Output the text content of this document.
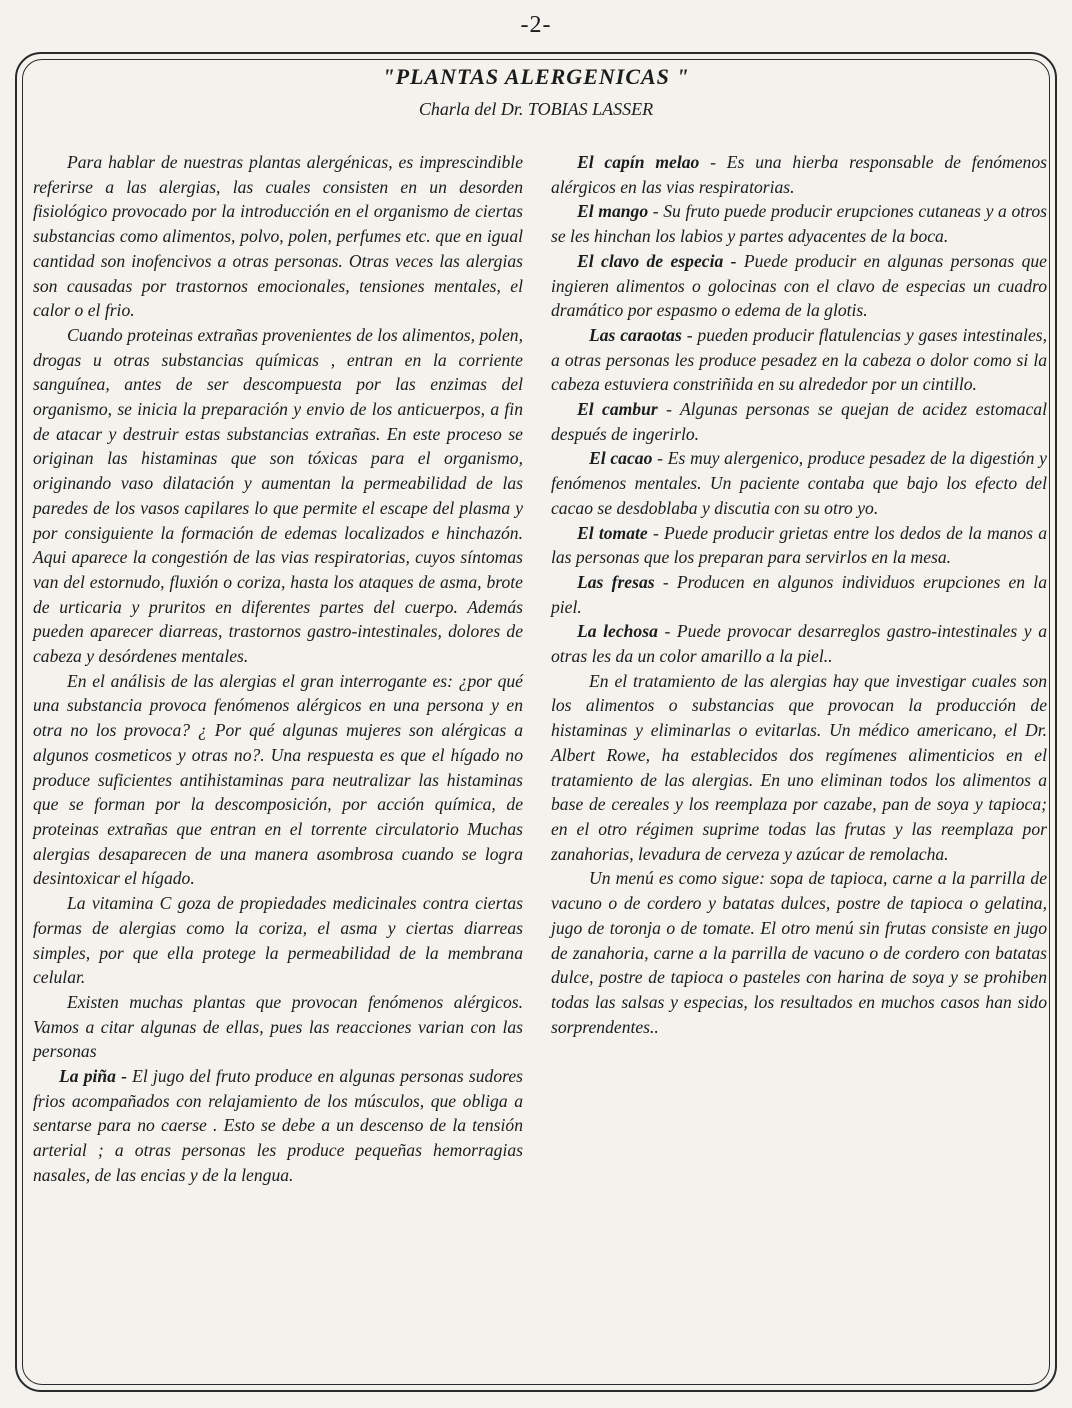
-2-
"PLANTAS ALERGENICAS "
Charla del Dr. TOBIAS LASSER

Para hablar de nuestras plantas alergénicas, es imprescindible referirse a las alergias, las cuales consisten en un desorden fisiológico provocado por la introducción en el organismo de ciertas substancias como alimentos, polvo, polen, perfumes etc. que en igual cantidad son inofencivos a otras personas. Otras veces las alergias son causadas por trastornos emocionales, tensiones mentales, el calor o el frio.

Cuando proteinas extrañas provenientes de los alimentos, polen, drogas u otras substancias químicas , entran en la corriente sanguínea, antes de ser descompuesta por las enzimas del organismo, se inicia la preparación y envio de los anticuerpos, a fin de atacar y destruir estas substancias extrañas. En este proceso se originan las histaminas que son tóxicas para el organismo, originando vaso dilatación y aumentan la permeabilidad de las paredes de los vasos capilares lo que permite el escape del plasma y por consiguiente la formación de edemas localizados e hinchazón. Aqui aparece la congestión de las vias respiratorias, cuyos síntomas van del estornudo, fluxión o coriza, hasta los ataques de asma, brote de urticaria y pruritos en diferentes partes del cuerpo. Además pueden aparecer diarreas, trastornos gastro-intestinales, dolores de cabeza y desórdenes mentales.

En el análisis de las alergias el gran interrogante es: ¿por qué una substancia provoca fenómenos alérgicos en una persona y en otra no los provoca? ¿ Por qué algunas mujeres son alérgicas a algunos cosmeticos y otras no?. Una respuesta es que el hígado no produce suficientes antihistaminas para neutralizar las histaminas que se forman por la descomposición, por acción química, de proteinas extrañas que entran en el torrente circulatorio Muchas alergias desaparecen de una manera asombrosa cuando se logra desintoxicar el hígado.

La vitamina C goza de propiedades medicinales contra ciertas formas de alergias como la coriza, el asma y ciertas diarreas simples, por que ella protege la permeabilidad de la membrana celular.

Existen muchas plantas que provocan fenómenos alérgicos. Vamos a citar algunas de ellas, pues las reacciones varian con las personas

La piña - El jugo del fruto produce en algunas personas sudores frios acompañados con relajamiento de los músculos, que obliga a sentarse para no caerse . Esto se debe a un descenso de la tensión arterial ; a otras personas les produce pequeñas hemorragias nasales, de las encias y de la lengua.

El capín melao - Es una hierba responsable de fenómenos alérgicos en las vias respiratorias.

El mango - Su fruto puede producir erupciones cutaneas y a otros se les hinchan los labios y partes adyacentes de la boca.

El clavo de especia - Puede producir en algunas personas que ingieren alimentos o golocinas con el clavo de especias un cuadro dramático por espasmo o edema de la glotis.

Las caraotas - pueden producir flatulencias y gases intestinales, a otras personas les produce pesadez en la cabeza o dolor como si la cabeza estuviera constriñida en su alrededor por un cintillo.

El cambur - Algunas personas se quejan de acidez estomacal después de ingerirlo.

El cacao - Es muy alergenico, produce pesadez de la digestión y fenómenos mentales. Un paciente contaba que bajo los efecto del cacao se desdoblaba y discutia con su otro yo.

El tomate - Puede producir grietas entre los dedos de la manos a las personas que los preparan para servirlos en la mesa.

Las fresas - Producen en algunos individuos erupciones en la piel.

La lechosa - Puede provocar desarreglos gastro-intestinales y a otras les da un color amarillo a la piel..

En el tratamiento de las alergias hay que investigar cuales son los alimentos o substancias que provocan la producción de histaminas y eliminarlas o evitarlas. Un médico americano, el Dr. Albert Rowe, ha establecidos dos regímenes alimenticios en el tratamiento de las alergias. En uno eliminan todos los alimentos a base de cereales y los reemplaza por cazabe, pan de soya y tapioca; en el otro régimen suprime todas las frutas y las reemplaza por zanahorias, levadura de cerveza y azúcar de remolacha.

Un menú es como sigue: sopa de tapioca, carne a la parrilla de vacuno o de cordero y batatas dulces, postre de tapioca o gelatina, jugo de toronja o de tomate. El otro menú sin frutas consiste en jugo de zanahoria, carne a la parrilla de vacuno o de cordero con batatas dulce, postre de tapioca o pasteles con harina de soya y se prohiben todas las salsas y especias, los resultados en muchos casos han sido sorprendentes..
